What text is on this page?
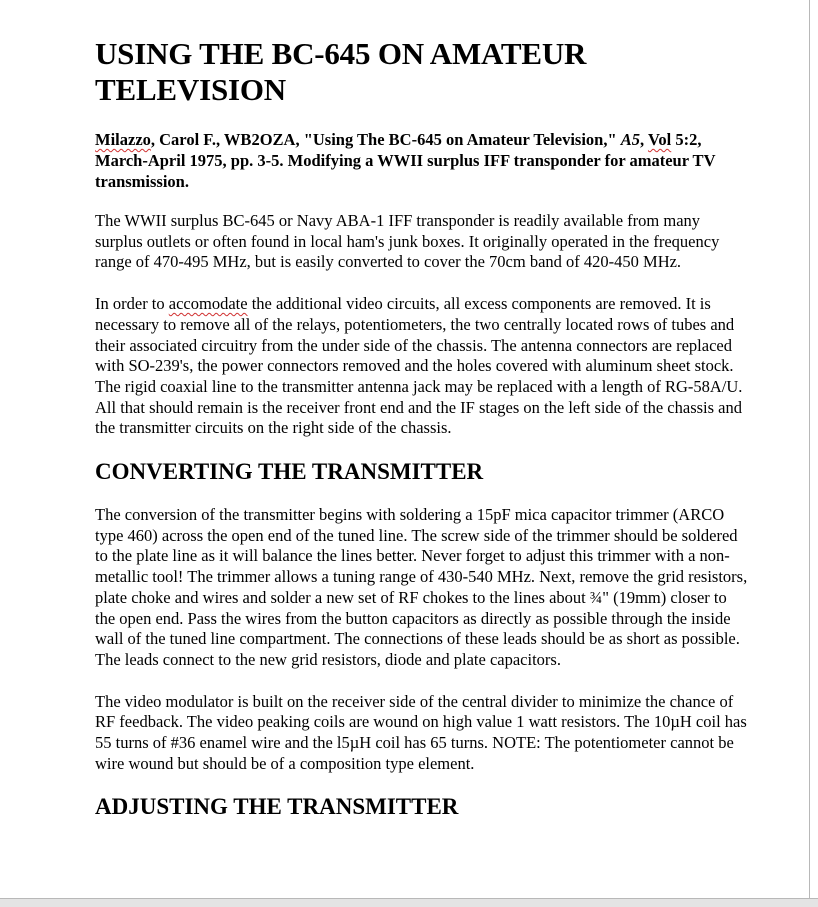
USING THE BC-645 ON AMATEUR TELEVISION

Milazzo, Carol F., WB2OZA, "Using The BC-645 on Amateur Television," A5, Vol 5:2, March-April 1975, pp. 3-5. Modifying a WWII surplus IFF transponder for amateur TV transmission.

The WWII surplus BC-645 or Navy ABA-1 IFF transponder is readily available from many surplus outlets or often found in local ham's junk boxes. It originally operated in the frequency range of 470-495 MHz, but is easily converted to cover the 70cm band of 420-450 MHz.

In order to accomodate the additional video circuits, all excess components are removed. It is necessary to remove all of the relays, potentiometers, the two centrally located rows of tubes and their associated circuitry from the under side of the chassis. The antenna connectors are replaced with SO-239's, the power connectors removed and the holes covered with aluminum sheet stock. The rigid coaxial line to the transmitter antenna jack may be replaced with a length of RG-58A/U. All that should remain is the receiver front end and the IF stages on the left side of the chassis and the transmitter circuits on the right side of the chassis.

CONVERTING THE TRANSMITTER

The conversion of the transmitter begins with soldering a 15pF mica capacitor trimmer (ARCO type 460) across the open end of the tuned line. The screw side of the trimmer should be soldered to the plate line as it will balance the lines better. Never forget to adjust this trimmer with a non-metallic tool! The trimmer allows a tuning range of 430-540 MHz. Next, remove the grid resistors, plate choke and wires and solder a new set of RF chokes to the lines about ¾" (19mm) closer to the open end. Pass the wires from the button capacitors as directly as possible through the inside wall of the tuned line compartment. The connections of these leads should be as short as possible. The leads connect to the new grid resistors, diode and plate capacitors.

The video modulator is built on the receiver side of the central divider to minimize the chance of RF feedback. The video peaking coils are wound on high value 1 watt resistors. The 10µH coil has 55 turns of #36 enamel wire and the l5µH coil has 65 turns. NOTE: The potentiometer cannot be wire wound but should be of a composition type element.

ADJUSTING THE TRANSMITTER
